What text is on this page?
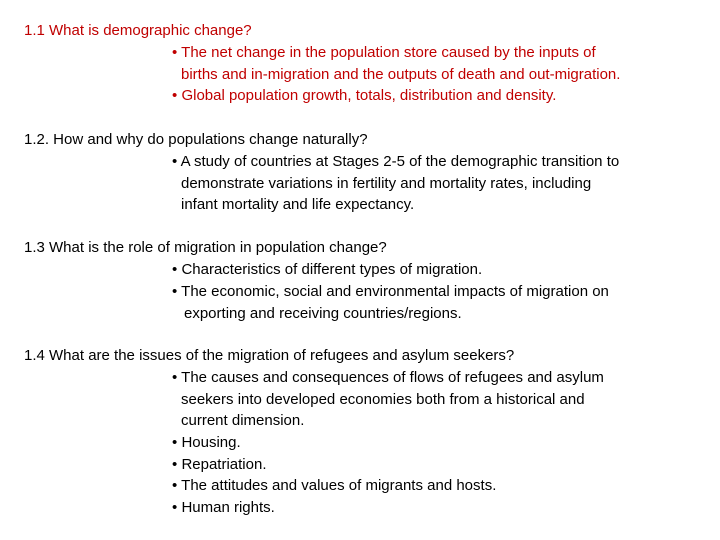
1.1 What is demographic change?
• The net change in the population store caused by the inputs of
births and in-migration and the outputs of death and out-migration.
• Global population growth, totals, distribution and density.
1.2. How and why do populations change naturally?
• A study of countries at Stages 2-5 of the demographic transition to
demonstrate variations in fertility and mortality rates, including
infant mortality and life expectancy.
1.3 What is the role of migration in population change?
• Characteristics of different types of migration.
• The economic, social and environmental impacts of migration on
exporting and receiving countries/regions.
1.4 What are the issues of the migration of refugees and asylum seekers?
• The causes and consequences of flows of refugees and asylum
seekers into developed economies both from a historical and
current dimension.
• Housing.
• Repatriation.
• The attitudes and values of migrants and hosts.
• Human rights.
